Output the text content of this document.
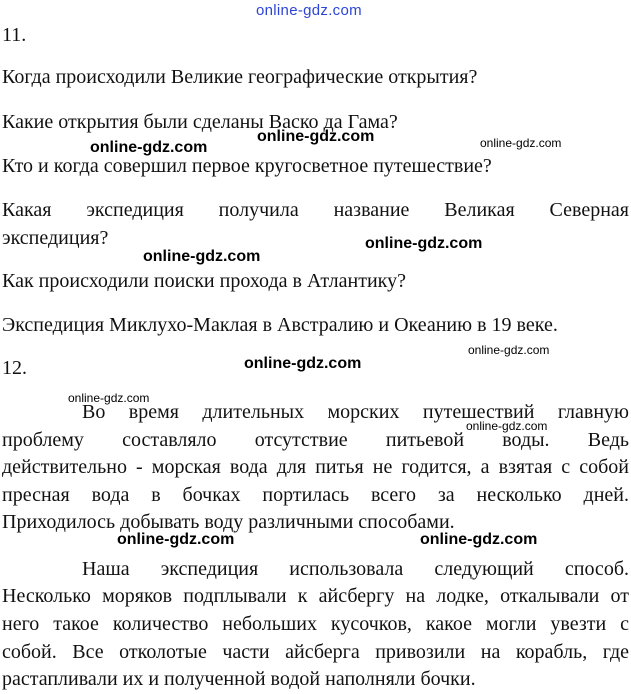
online-gdz.com

11.

Когда происходили Великие географические открытия?

Какие открытия были сделаны Васко да Гама?

Кто и когда совершил первое кругосветное путешествие?

Какая экспедиция получила название Великая Северная

экспедиция?

Как происходили поиски прохода в Атлантику?

Экспедиция Миклухо-Маклая в Австралию и Океанию в 19 веке.

12.

Во время длительных морских путешествий главную

проблему составляло отсутствие питьевой воды. Ведь

действительно - морская вода для питья не годится, а взятая с собой

пресная вода в бочках портилась всего за несколько дней.

Приходилось добывать воду различными способами.

Наша экспедиция использовала следующий способ.

Несколько моряков подплывали к айсбергу на лодке, откалывали от

него такое количество небольших кусочков, какое могли увезти с

собой. Все отколотые части айсберга привозили на корабль, где

растапливали их и полученной водой наполняли бочки.

online-gdz.com	online-gdz.com
online-gdz.com
online-gdz.com
online-gdz.com
online-gdz.com
online-gdz.com
online-gdz.com
online-gdz.com
online-gdz.com	online-gdz.com
